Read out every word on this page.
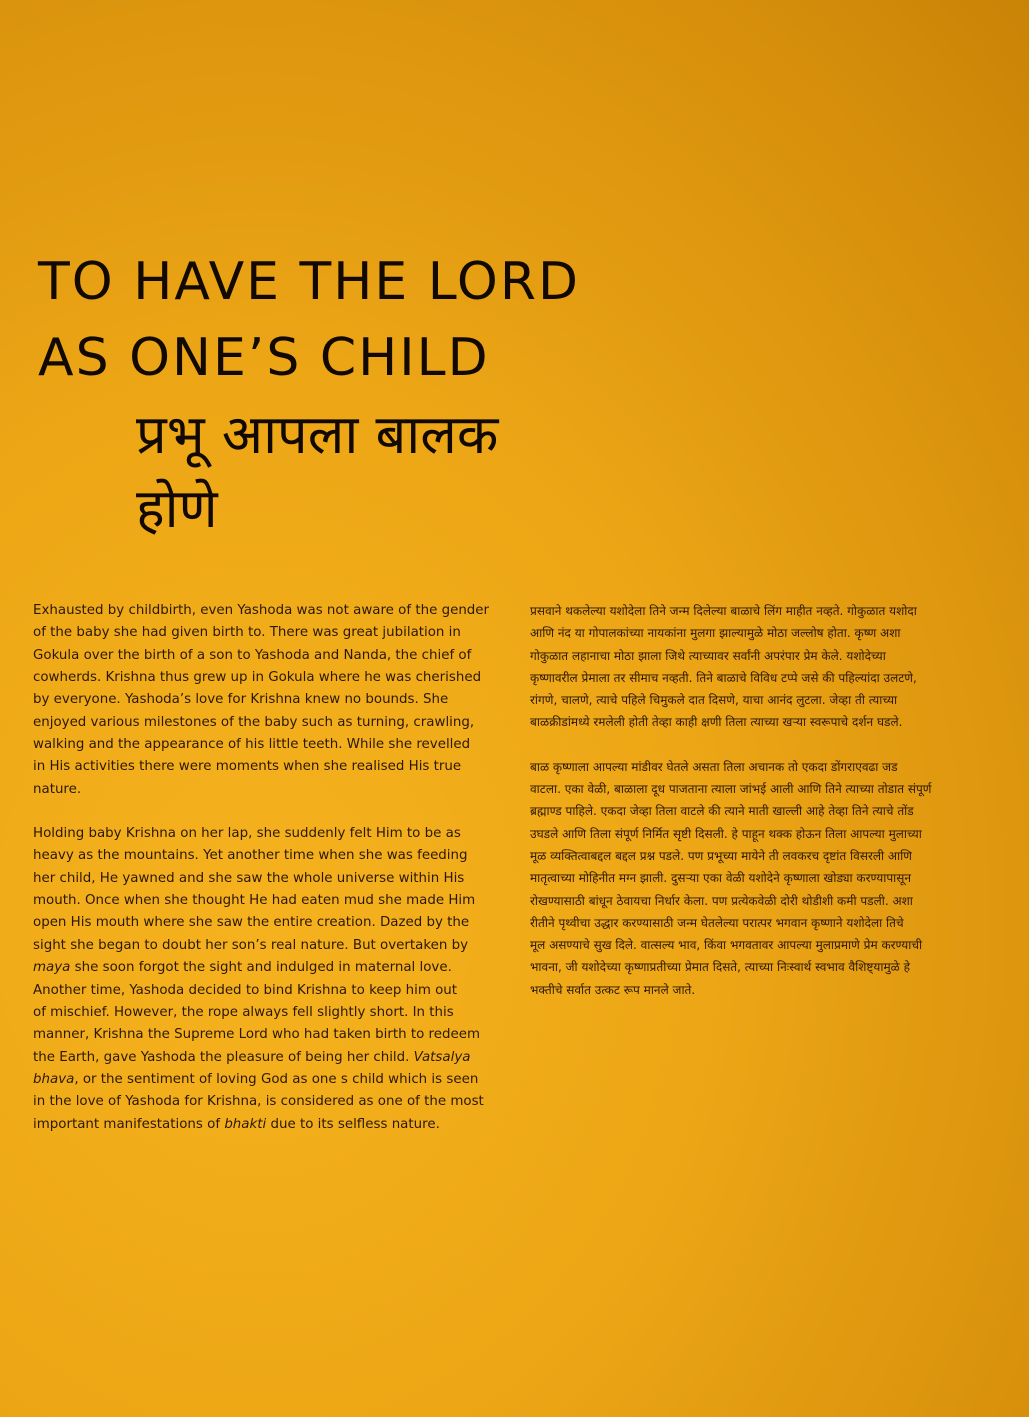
TO HAVE THE LORD
AS ONE’S CHILD
प्रभू आपला बालक
होणे

Exhausted by childbirth, even Yashoda was not aware of the gender
of the baby she had given birth to. There was great jubilation in
Gokula over the birth of a son to Yashoda and Nanda, the chief of
cowherds. Krishna thus grew up in Gokula where he was cherished
by everyone. Yashoda’s love for Krishna knew no bounds. She
enjoyed various milestones of the baby such as turning, crawling,
walking and the appearance of his little teeth. While she revelled
in His activities there were moments when she realised His true
nature.

Holding baby Krishna on her lap, she suddenly felt Him to be as
heavy as the mountains. Yet another time when she was feeding
her child, He yawned and she saw the whole universe within His
mouth. Once when she thought He had eaten mud she made Him
open His mouth where she saw the entire creation. Dazed by the
sight she began to doubt her son’s real nature. But overtaken by
maya she soon forgot the sight and indulged in maternal love.
Another time, Yashoda decided to bind Krishna to keep him out
of mischief. However, the rope always fell slightly short. In this
manner, Krishna the Supreme Lord who had taken birth to redeem
the Earth, gave Yashoda the pleasure of being her child. Vatsalya
bhava, or the sentiment of loving God as one s child which is seen
in the love of Yashoda for Krishna, is considered as one of the most
important manifestations of bhakti due to its selfless nature.

प्रसवाने थकलेल्या यशोदेला तिने जन्म दिलेल्या बाळाचे लिंग माहीत नव्हते. गोकुळात यशोदा
आणि नंद या गोपालकांच्या नायकांना मुलगा झाल्यामुळे मोठा जल्लोष होता. कृष्ण अशा
गोकुळात लहानाचा मोठा झाला जिथे त्याच्यावर सर्वांनी अपरंपार प्रेम केले. यशोदेच्या
कृष्णावरील प्रेमाला तर सीमाच नव्हती. तिने बाळाचे विविध टप्पे जसे की पहिल्यांदा उलटणे,
रांगणे, चालणे, त्याचे पहिले चिमुकले दात दिसणे, याचा आनंद लुटला. जेव्हा ती त्याच्या
बाळक्रीडांमध्ये रमलेली होती तेव्हा काही क्षणी तिला त्याच्या खऱ्या स्वरूपाचे दर्शन घडले.

बाळ कृष्णाला आपल्या मांडीवर घेतले असता तिला अचानक तो एकदा डोंगराएवढा जड
वाटला. एका वेळी, बाळाला दूध पाजताना त्याला जांभई आली आणि तिने त्याच्या तोडात संपूर्ण
ब्रह्माण्ड पाहिले. एकदा जेव्हा तिला वाटले की त्याने माती खाल्ली आहे तेव्हा तिने त्याचे तोंड
उघडले आणि तिला संपूर्ण निर्मित सृष्टी दिसली. हे पाहून थक्क होऊन तिला आपल्या मुलाच्या
मूळ व्यक्तित्वाबद्दल बद्दल प्रश्न पडले. पण प्रभूच्या मायेने ती लवकरच दृष्टांत विसरली आणि
मातृत्वाच्या मोहिनीत मग्न झाली. दुसऱ्या एका वेळी यशोदेने कृष्णाला खोड्या करण्यापासून
रोखण्यासाठी बांधून ठेवायचा निर्धार केला. पण प्रत्येकवेळी दोरी थोडीशी कमी पडली. अशा
रीतीने पृथ्वीचा उद्धार करण्यासाठी जन्म घेतलेल्या परात्पर भगवान कृष्णाने यशोदेला तिचे
मूल असण्याचे सुख दिले. वात्सल्य भाव, किंवा भगवतावर आपल्या मुलाप्रमाणे प्रेम करण्याची
भावना, जी यशोदेच्या कृष्णाप्रतीच्या प्रेमात दिसते, त्याच्या निःस्वार्थ स्वभाव वैशिष्ट्यामुळे हे
भक्तीचे सर्वात उत्कट रूप मानले जाते.
